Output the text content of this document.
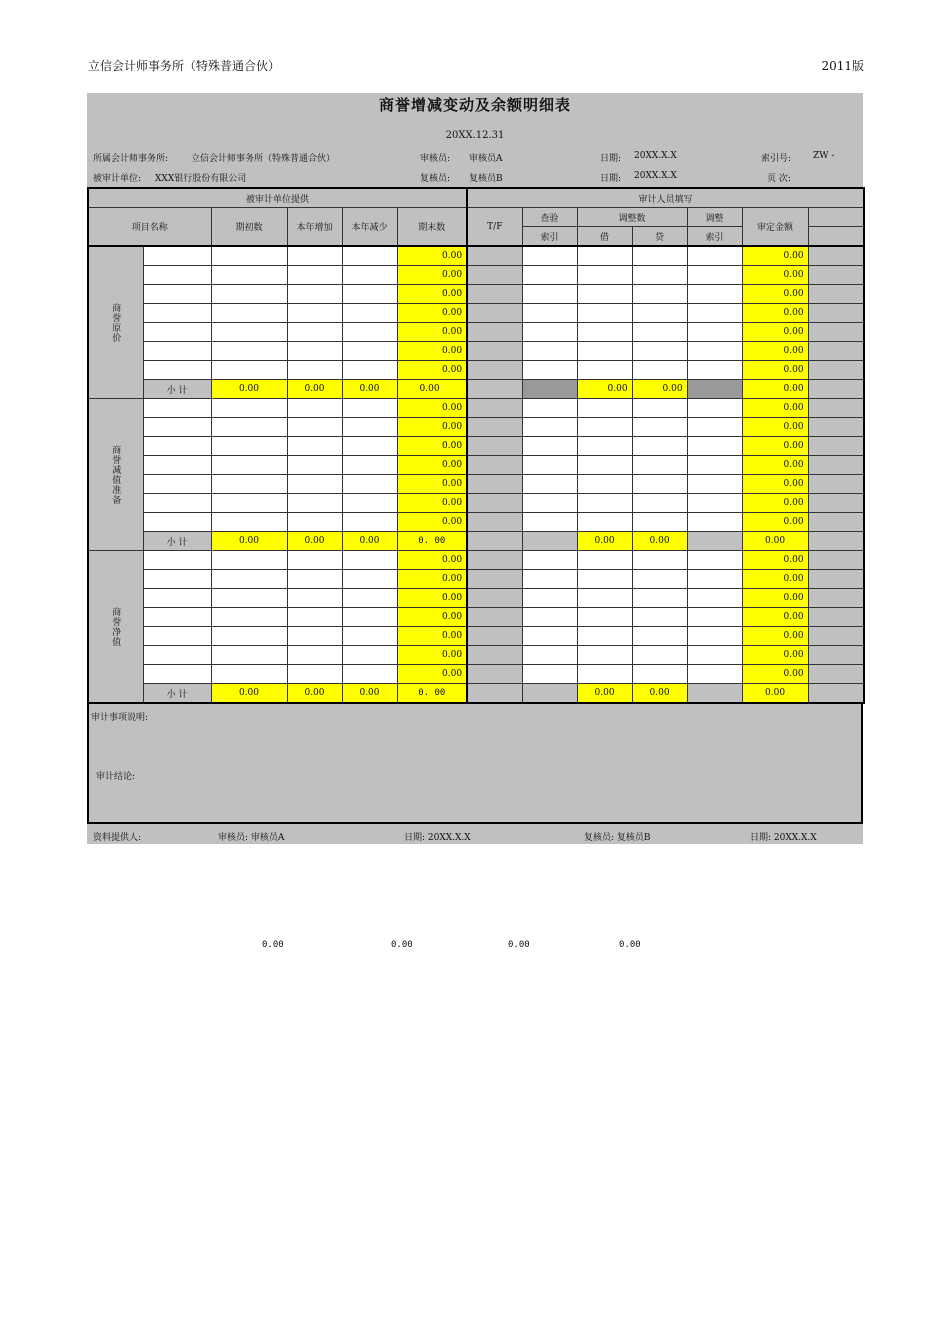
立信会计师事务所（特殊普通合伙）	2011版
商誉增减变动及余额明细表
20XX.12.31
所属会计师事务所:	立信会计师事务所（特殊普通合伙）	审核员: 审核员A	日期: 20XX.X.X	索引号: ZW -
被审计单位: XXX银行股份有限公司	复核员: 复核员B	日期: 20XX.X.X	页 次:
被审计单位提供						审计人员填写						
项目名称		期初数	本年增加	本年减少	期末数	T/F	查验	调整数		调整	审定金额	
							索引	借	贷	索引		
商誉原价					0.00						0.00	
					0.00						0.00	
					0.00						0.00	
					0.00						0.00	
					0.00						0.00	
					0.00						0.00	
					0.00						0.00	
	小 计	0.00	0.00	0.00	0.00			0.00	0.00		0.00	
商誉减值准备					0.00						0.00	
					0.00						0.00	
					0.00						0.00	
					0.00						0.00	
					0.00						0.00	
					0.00						0.00	
					0.00						0.00	
	小 计	0.00	0.00	0.00	0. 00			0.00	0.00		0.00	
商誉净值					0.00						0.00	
					0.00						0.00	
					0.00						0.00	
					0.00						0.00	
					0.00						0.00	
					0.00						0.00	
					0.00						0.00	
	小 计	0.00	0.00	0.00	0. 00			0.00	0.00		0.00	
审计事项说明:
审计结论:
资料提供人:	审核员: 审核员A	日期: 20XX.X.X	复核员: 复核员B	日期: 20XX.X.X
0.00	0.00	0.00	0.00
